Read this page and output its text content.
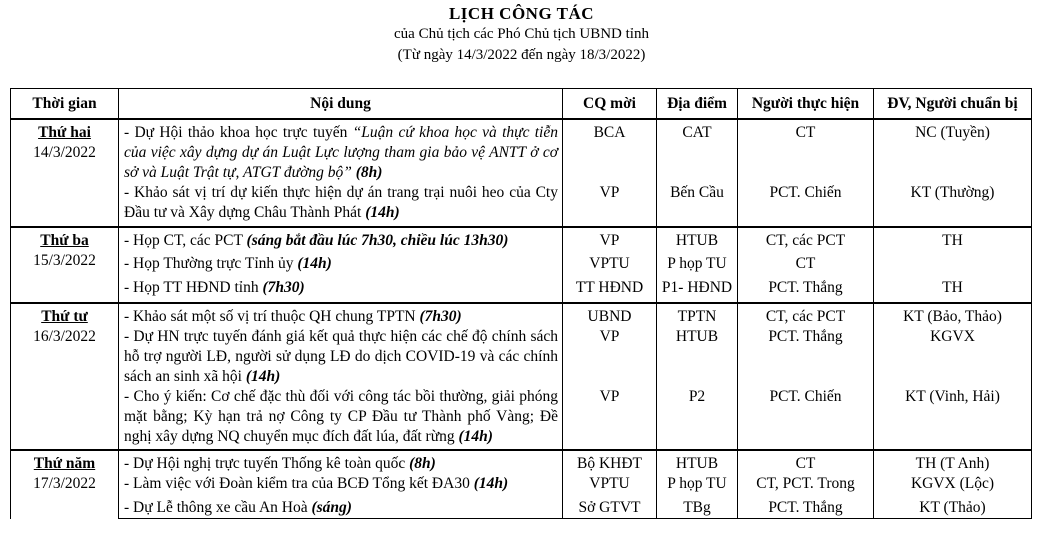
LỊCH CÔNG TÁC
của Chủ tịch các Phó Chủ tịch UBND tỉnh
(Từ ngày 14/3/2022 đến ngày 18/3/2022)
Thời gian	Nội dung	CQ mời	Địa điểm	Người thực hiện	ĐV, Người chuẩn bị

Thứ hai
14/3/2022	- Dự Hội thảo khoa học trực tuyến “Luận cứ khoa học và thực tiễn của việc xây dựng dự án Luật Lực lượng tham gia bảo vệ ANTT ở cơ sở và Luật Trật tự, ATGT đường bộ” (8h)	BCA	CAT	CT	NC (Tuyền)
	- Khảo sát vị trí dự kiến thực hiện dự án trang trại nuôi heo của Cty Đầu tư và Xây dựng Châu Thành Phát (14h)	VP	Bến Cầu	PCT. Chiến	KT (Thường)

Thứ ba
15/3/2022	- Họp CT, các PCT (sáng bắt đầu lúc 7h30, chiều lúc 13h30)	VP	HTUB	CT, các PCT	TH
	- Họp Thường trực Tỉnh ủy (14h)	VPTU	P họp TU	CT	
	- Họp TT HĐND tỉnh (7h30)	TT HĐND	P1- HĐND	PCT. Thắng	TH

Thứ tư
16/3/2022	- Khảo sát một số vị trí thuộc QH chung TPTN (7h30)	UBND	TPTN	CT, các PCT	KT (Bảo, Thảo)
	- Dự HN trực tuyến đánh giá kết quả thực hiện các chế độ chính sách hỗ trợ người LĐ, người sử dụng LĐ do dịch COVID-19 và các chính sách an sinh xã hội (14h)	VP	HTUB	PCT. Thắng	KGVX
	- Cho ý kiến: Cơ chế đặc thù đối với công tác bồi thường, giải phóng mặt bằng; Kỳ hạn trả nợ Công ty CP Đầu tư Thành phố Vàng; Đề nghị xây dựng NQ chuyển mục đích đất lúa, đất rừng (14h)	VP	P2	PCT. Chiến	KT (Vinh, Hải)

Thứ năm
17/3/2022	- Dự Hội nghị trực tuyến Thống kê toàn quốc (8h)	Bộ KHĐT	HTUB	CT	TH (T Anh)
	- Làm việc với Đoàn kiểm tra của BCĐ Tổng kết ĐA30 (14h)	VPTU	P họp TU	CT, PCT. Trong	KGVX (Lộc)
	- Dự Lễ thông xe cầu An Hoà (sáng)	Sở GTVT	TBg	PCT. Thắng	KT (Thảo)
